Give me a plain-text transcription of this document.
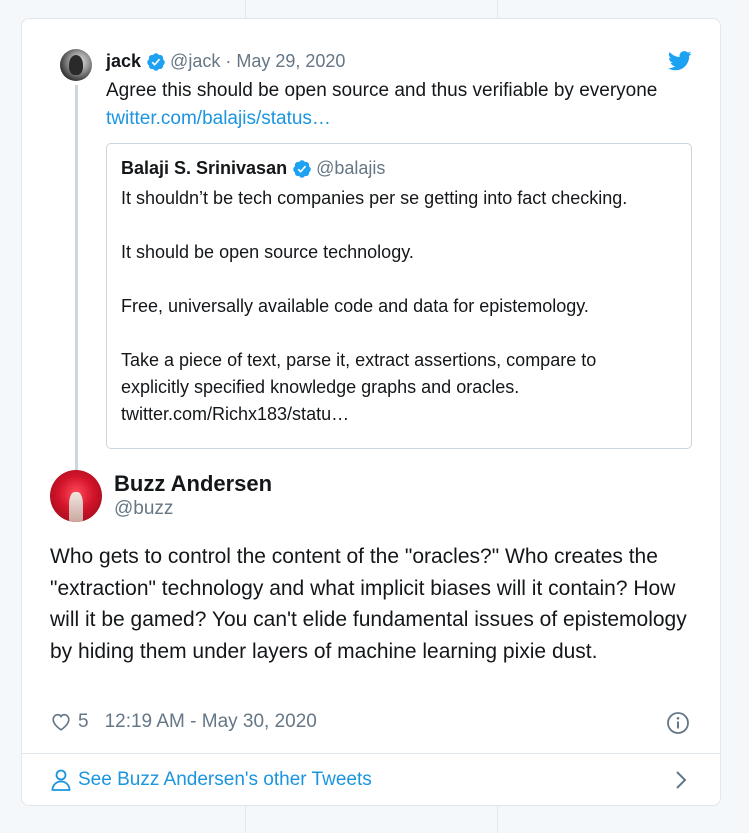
jack @jack · May 29, 2020
Agree this should be open source and thus verifiable by everyone
twitter.com/balajis/status…
Balaji S. Srinivasan @balajis

It shouldn’t be tech companies per se getting into fact checking.

It should be open source technology.

Free, universally available code and data for epistemology.

Take a piece of text, parse it, extract assertions, compare to
explicitly specified knowledge graphs and oracles.
twitter.com/Richx183/statu…

Buzz Andersen
@buzz
Who gets to control the content of the "oracles?" Who creates the "extraction" technology and what implicit biases will it contain? How will it be gamed? You can't elide fundamental issues of epistemology by hiding them under layers of machine learning pixie dust.
5 12:19 AM - May 30, 2020
See Buzz Andersen's other Tweets
